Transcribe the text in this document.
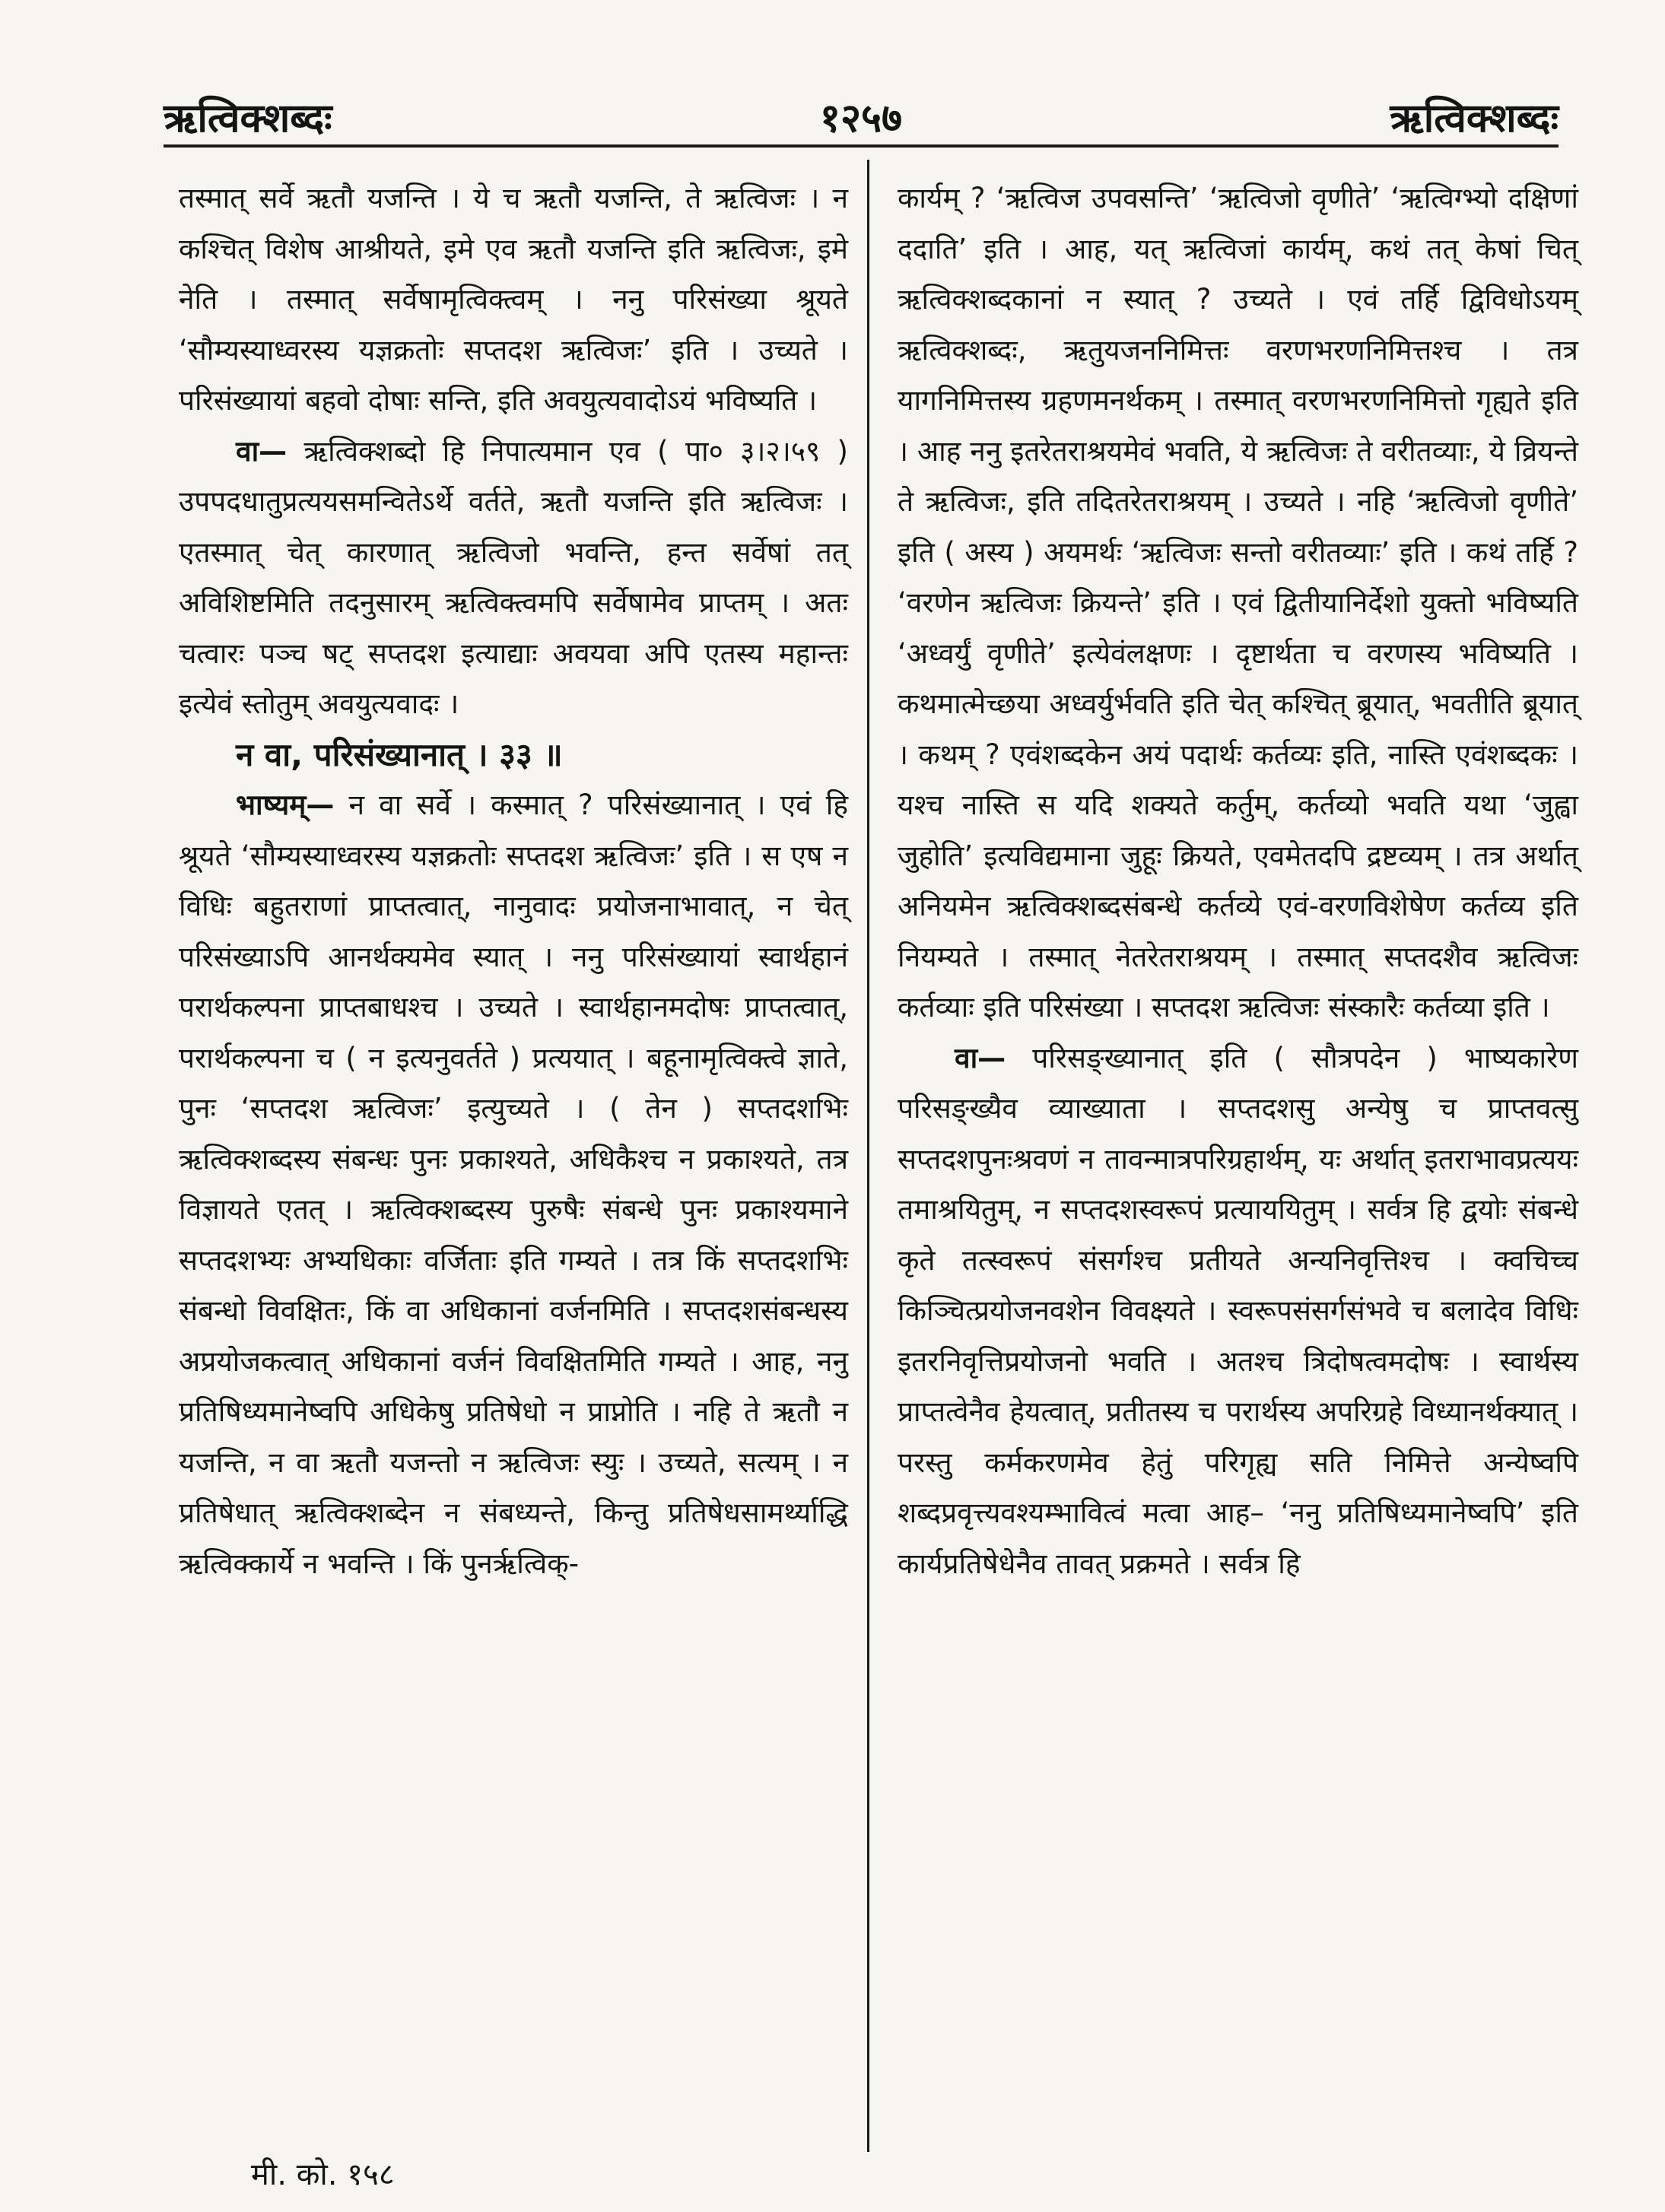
ऋत्विक्शब्दः	१२५७	ऋत्विक्शब्दः

तस्मात् सर्वे ऋतौ यजन्ति । ये च ऋतौ यजन्ति, ते ऋत्विजः । न कश्चित् विशेष आश्रीयते, इमे एव ऋतौ यजन्ति इति ऋत्विजः, इमे नेति । तस्मात् सर्वेषामृत्विक्त्वम् । ननु परिसंख्या श्रूयते ‘सौम्यस्याध्वरस्य यज्ञक्रतोः सप्तदश ऋत्विजः’ इति । उच्यते । परिसंख्यायां बहवो दोषाः सन्ति, इति अवयुत्यवादोऽयं भविष्यति ।

वा— ऋत्विक्शब्दो हि निपात्यमान एव ( पा० ३।२।५९ ) उपपदधातुप्रत्ययसमन्वितेऽर्थे वर्तते, ऋतौ यजन्ति इति ऋत्विजः । एतस्मात् चेत् कारणात् ऋत्विजो भवन्ति, हन्त सर्वेषां तत् अविशिष्टमिति तदनुसारम् ऋत्विक्त्वमपि सर्वेषामेव प्राप्तम् । अतः चत्वारः पञ्च षट् सप्तदश इत्याद्याः अवयवा अपि एतस्य महान्तः इत्येवं स्तोतुम् अवयुत्यवादः ।

न वा, परिसंख्यानात् । ३३ ॥

भाष्यम्— न वा सर्वे । कस्मात् ? परिसंख्यानात् । एवं हि श्रूयते ‘सौम्यस्याध्वरस्य यज्ञक्रतोः सप्तदश ऋत्विजः’ इति । स एष न विधिः बहुतराणां प्राप्तत्वात्, नानुवादः प्रयोजनाभावात्, न चेत् परिसंख्याऽपि आनर्थक्यमेव स्यात् । ननु परिसंख्यायां स्वार्थहानं परार्थकल्पना प्राप्तबाधश्च । उच्यते । स्वार्थहानमदोषः प्राप्तत्वात्, परार्थकल्पना च ( न इत्यनुवर्तते ) प्रत्ययात् । बहूनामृत्विक्त्वे ज्ञाते, पुनः ‘सप्तदश ऋत्विजः’ इत्युच्यते । ( तेन ) सप्तदशभिः ऋत्विक्शब्दस्य संबन्धः पुनः प्रकाश्यते, अधिकैश्च न प्रकाश्यते, तत्र विज्ञायते एतत् । ऋत्विक्शब्दस्य पुरुषैः संबन्धे पुनः प्रकाश्यमाने सप्तदशभ्यः अभ्यधिकाः वर्जिताः इति गम्यते । तत्र किं सप्तदशभिः संबन्धो विवक्षितः, किं वा अधिकानां वर्जनमिति । सप्तदशसंबन्धस्य अप्रयोजकत्वात् अधिकानां वर्जनं विवक्षितमिति गम्यते । आह, ननु प्रतिषिध्यमानेष्वपि अधिकेषु प्रतिषेधो न प्राप्नोति । नहि ते ऋतौ न यजन्ति, न वा ऋतौ यजन्तो न ऋत्विजः स्युः । उच्यते, सत्यम् । न प्रतिषेधात् ऋत्विक्शब्देन न संबध्यन्ते, किन्तु प्रतिषेधसामर्थ्याद्धि ऋत्विक्कार्ये न भवन्ति । किं पुनर्ऋत्विक्-

कार्यम् ? ‘ऋत्विज उपवसन्ति’ ‘ऋत्विजो वृणीते’ ‘ऋत्विग्भ्यो दक्षिणां ददाति’ इति । आह, यत् ऋत्विजां कार्यम्, कथं तत् केषां चित् ऋत्विक्शब्दकानां न स्यात् ? उच्यते । एवं तर्हि द्विविधोऽयम् ऋत्विक्शब्दः, ऋतुयजननिमित्तः वरणभरणनिमित्तश्च । तत्र यागनिमित्तस्य ग्रहणमनर्थकम् । तस्मात् वरणभरणनिमित्तो गृह्यते इति । आह ननु इतरेतराश्रयमेवं भवति, ये ऋत्विजः ते वरीतव्याः, ये व्रियन्ते ते ऋत्विजः, इति तदितरेतराश्रयम् । उच्यते । नहि ‘ऋत्विजो वृणीते’ इति ( अस्य ) अयमर्थः ‘ऋत्विजः सन्तो वरीतव्याः’ इति । कथं तर्हि ? ‘वरणेन ऋत्विजः क्रियन्ते’ इति । एवं द्वितीयानिर्देशो युक्तो भविष्यति ‘अध्वर्युं वृणीते’ इत्येवंलक्षणः । दृष्टार्थता च वरणस्य भविष्यति । कथमात्मेच्छया अध्वर्युर्भवति इति चेत् कश्चित् ब्रूयात्, भवतीति ब्रूयात् । कथम् ? एवंशब्दकेन अयं पदार्थः कर्तव्यः इति, नास्ति एवंशब्दकः । यश्च नास्ति स यदि शक्यते कर्तुम्, कर्तव्यो भवति यथा ‘जुह्वा जुहोति’ इत्यविद्यमाना जुहूः क्रियते, एवमेतदपि द्रष्टव्यम् । तत्र अर्थात् अनियमेन ऋत्विक्शब्दसंबन्धे कर्तव्ये एवं-वरणविशेषेण कर्तव्य इति नियम्यते । तस्मात् नेतरेतराश्रयम् । तस्मात् सप्तदशैव ऋत्विजः कर्तव्याः इति परिसंख्या । सप्तदश ऋत्विजः संस्कारैः कर्तव्या इति ।

वा— परिसङ्ख्यानात् इति ( सौत्रपदेन ) भाष्यकारेण परिसङ्ख्यैव व्याख्याता । सप्तदशसु अन्येषु च प्राप्तवत्सु सप्तदशपुनःश्रवणं न तावन्मात्रपरिग्रहार्थम्, यः अर्थात् इतराभावप्रत्ययः तमाश्रयितुम्, न सप्तदशस्वरूपं प्रत्याययितुम् । सर्वत्र हि द्वयोः संबन्धे कृते तत्स्वरूपं संसर्गश्च प्रतीयते अन्यनिवृत्तिश्च । क्वचिच्च किञ्चित्प्रयोजनवशेन विवक्ष्यते । स्वरूपसंसर्गसंभवे च बलादेव विधिः इतरनिवृत्तिप्रयोजनो भवति । अतश्च त्रिदोषत्वमदोषः । स्वार्थस्य प्राप्तत्वेनैव हेयत्वात्, प्रतीतस्य च परार्थस्य अपरिग्रहे विध्यानर्थक्यात् । परस्तु कर्मकरणमेव हेतुं परिगृह्य सति निमित्ते अन्येष्वपि शब्दप्रवृत्त्यवश्यम्भावित्वं मत्वा आह– ‘ननु प्रतिषिध्यमानेष्वपि’ इति कार्यप्रतिषेधेनैव तावत् प्रक्रमते । सर्वत्र हि

मी. को. १५८
